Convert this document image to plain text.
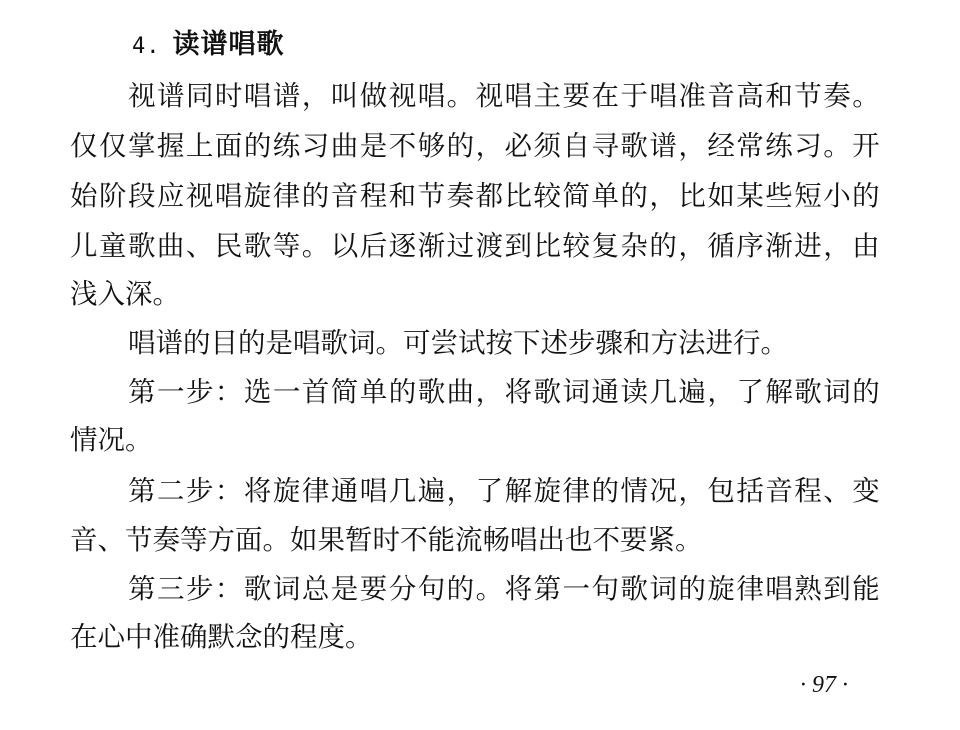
4. 读谱唱歌
视 谱 同 时 唱 谱 ， 叫 做 视 唱 。 视 唱 主 要 在 于 唱 准 音 高 和 节 奏 。
仅 仅 掌 握 上 面 的 练 习 曲 是 不 够 的 ， 必 须 自 寻 歌 谱 ， 经 常 练 习 。 开
始 阶 段 应 视 唱 旋 律 的 音 程 和 节 奏 都 比 较 简 单 的 ， 比 如 某 些 短 小 的
儿 童 歌 曲 、 民 歌 等 。 以 后 逐 渐 过 渡 到 比 较 复 杂 的 ， 循 序 渐 进 ， 由
浅入深。
唱谱的目的是唱歌词。可尝试按下述步骤和方法进行。
第 一 步 ： 选 一 首 简 单 的 歌 曲 ， 将 歌 词 通 读 几 遍 ， 了 解 歌 词 的
情况。
第 二 步 ： 将 旋 律 通 唱 几 遍 ， 了 解 旋 律 的 情 况 ， 包 括 音 程 、 变
音、节奏等方面。如果暂时不能流畅唱出也不要紧。
第 三 步 ： 歌 词 总 是 要 分 句 的 。 将 第 一 句 歌 词 的 旋 律 唱 熟 到 能
在心中准确默念的程度。
· 97 ·
